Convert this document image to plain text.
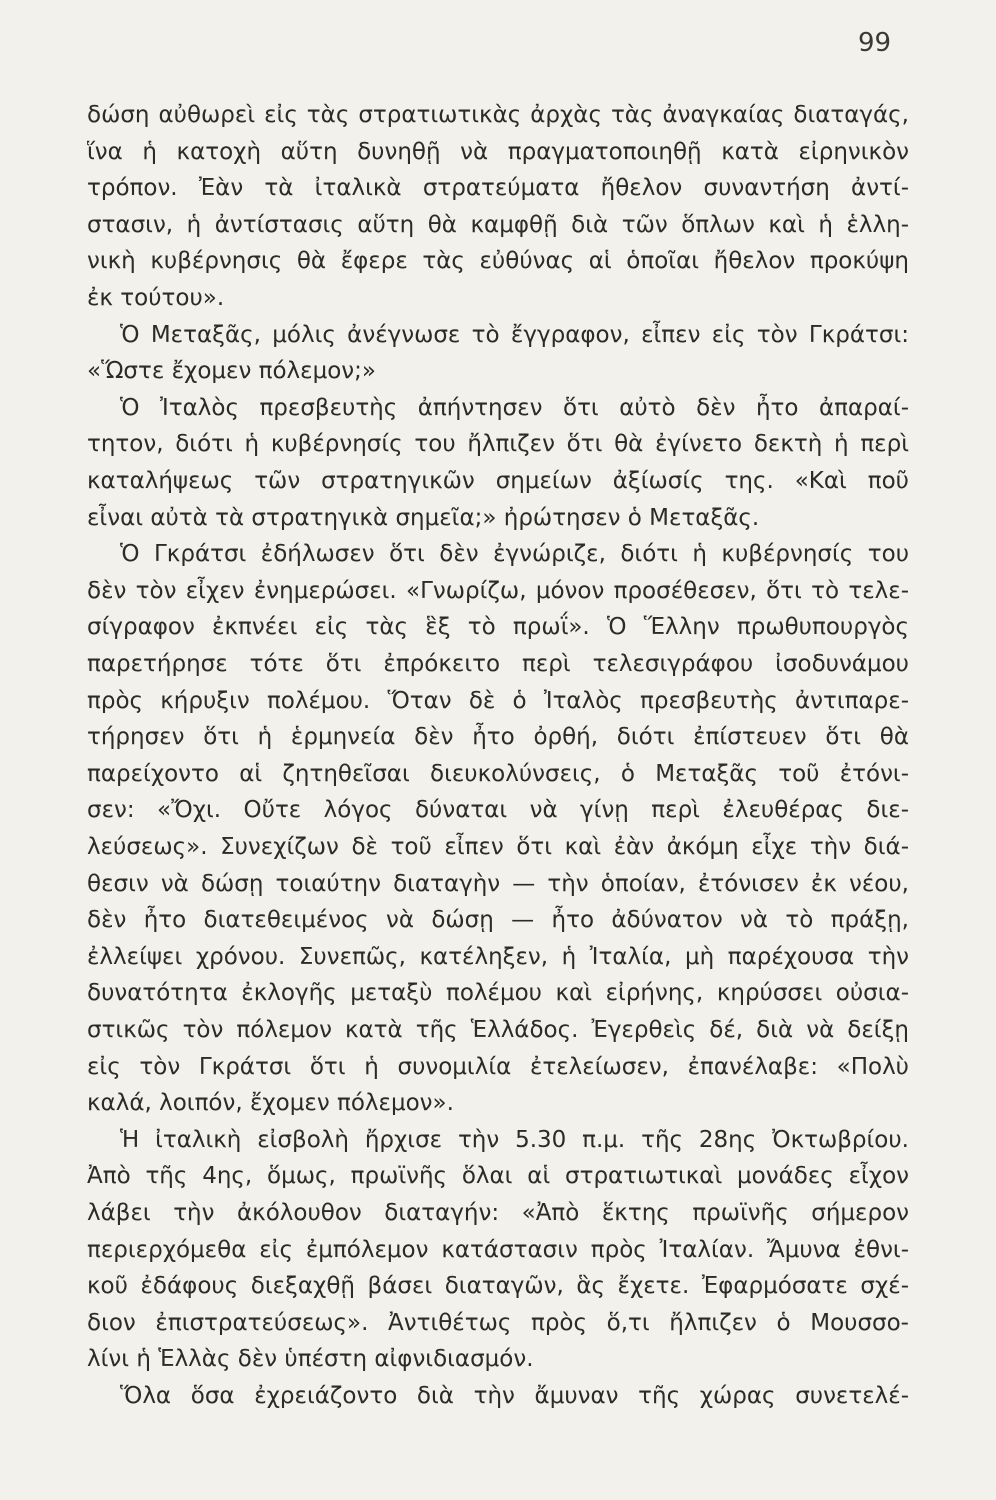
99
δώση αὐθωρεὶ εἰς τὰς στρατιωτικὰς ἀρχὰς τὰς ἀναγκαίας διαταγάς,
ἵνα ἡ κατοχὴ αὕτη δυνηθῇ νὰ πραγματοποιηθῇ κατὰ εἰρηνικὸν
τρόπον. Ἐὰν τὰ ἰταλικὰ στρατεύματα ἤθελον συναντήση ἀντί-
στασιν, ἡ ἀντίστασις αὕτη θὰ καμφθῇ διὰ τῶν ὅπλων καὶ ἡ ἑλλη-
νικὴ κυβέρνησις θὰ ἔφερε τὰς εὐθύνας αἱ ὁποῖαι ἤθελον προκύψη
ἐκ τούτου».
Ὁ Μεταξᾶς, μόλις ἀνέγνωσε τὸ ἔγγραφον, εἶπεν εἰς τὸν Γκράτσι:
«Ὥστε ἔχομεν πόλεμον;»
Ὁ Ἰταλὸς πρεσβευτὴς ἀπήντησεν ὅτι αὐτὸ δὲν ἦτο ἀπαραί-
τητον, διότι ἡ κυβέρνησίς του ἤλπιζεν ὅτι θὰ ἐγίνετο δεκτὴ ἡ περὶ
καταλήψεως τῶν στρατηγικῶν σημείων ἀξίωσίς της. «Καὶ ποῦ
εἶναι αὐτὰ τὰ στρατηγικὰ σημεῖα;» ἠρώτησεν ὁ Μεταξᾶς.
Ὁ Γκράτσι ἐδήλωσεν ὅτι δὲν ἐγνώριζε, διότι ἡ κυβέρνησίς του
δὲν τὸν εἶχεν ἐνημερώσει. «Γνωρίζω, μόνον προσέθεσεν, ὅτι τὸ τελε-
σίγραφον ἐκπνέει εἰς τὰς ἓξ τὸ πρωΐ». Ὁ Ἕλλην πρωθυπουργὸς
παρετήρησε τότε ὅτι ἐπρόκειτο περὶ τελεσιγράφου ἰσοδυνάμου
πρὸς κήρυξιν πολέμου. Ὅταν δὲ ὁ Ἰταλὸς πρεσβευτὴς ἀντιπαρε-
τήρησεν ὅτι ἡ ἑρμηνεία δὲν ἦτο ὀρθή, διότι ἐπίστευεν ὅτι θὰ
παρείχοντο αἱ ζητηθεῖσαι διευκολύνσεις, ὁ Μεταξᾶς τοῦ ἐτόνι-
σεν: «Ὄχι. Οὔτε λόγος δύναται νὰ γίνῃ περὶ ἐλευθέρας διε-
λεύσεως». Συνεχίζων δὲ τοῦ εἶπεν ὅτι καὶ ἐὰν ἀκόμη εἶχε τὴν διά-
θεσιν νὰ δώσῃ τοιαύτην διαταγὴν — τὴν ὁποίαν, ἐτόνισεν ἐκ νέου,
δὲν ἦτο διατεθειμένος νὰ δώσῃ — ἦτο ἀδύνατον νὰ τὸ πράξῃ,
ἐλλείψει χρόνου. Συνεπῶς, κατέληξεν, ἡ Ἰταλία, μὴ παρέχουσα τὴν
δυνατότητα ἐκλογῆς μεταξὺ πολέμου καὶ εἰρήνης, κηρύσσει οὐσια-
στικῶς τὸν πόλεμον κατὰ τῆς Ἑλλάδος. Ἐγερθεὶς δέ, διὰ νὰ δείξῃ
εἰς τὸν Γκράτσι ὅτι ἡ συνομιλία ἐτελείωσεν, ἐπανέλαβε: «Πολὺ
καλά, λοιπόν, ἔχομεν πόλεμον».
Ἡ ἰταλικὴ εἰσβολὴ ἤρχισε τὴν 5.30 π.μ. τῆς 28ης Ὀκτωβρίου.
Ἀπὸ τῆς 4ης, ὅμως, πρωϊνῆς ὅλαι αἱ στρατιωτικαὶ μονάδες εἶχον
λάβει τὴν ἀκόλουθον διαταγήν: «Ἀπὸ ἕκτης πρωϊνῆς σήμερον
περιερχόμεθα εἰς ἐμπόλεμον κατάστασιν πρὸς Ἰταλίαν. Ἄμυνα ἐθνι-
κοῦ ἐδάφους διεξαχθῇ βάσει διαταγῶν, ἃς ἔχετε. Ἐφαρμόσατε σχέ-
διον ἐπιστρατεύσεως». Ἀντιθέτως πρὸς ὅ,τι ἤλπιζεν ὁ Μουσσο-
λίνι ἡ Ἑλλὰς δὲν ὑπέστη αἰφνιδιασμόν.
Ὅλα ὅσα ἐχρειάζοντο διὰ τὴν ἄμυναν τῆς χώρας συνετελέ-
